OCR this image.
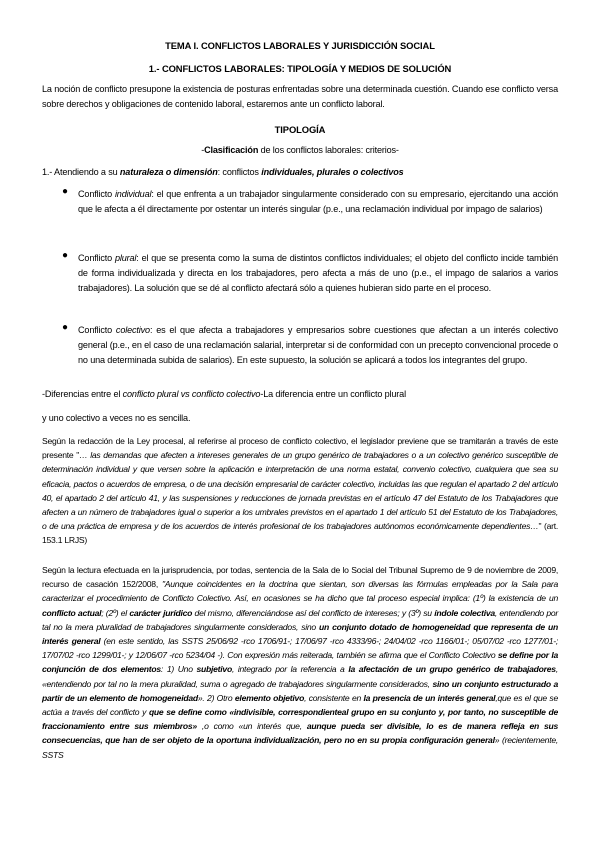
TEMA I. CONFLICTOS LABORALES Y JURISDICCIÓN SOCIAL
1.- CONFLICTOS LABORALES: TIPOLOGÍA Y MEDIOS DE SOLUCIÓN
La noción de conflicto presupone la existencia de posturas enfrentadas sobre una determinada cuestión. Cuando ese conflicto versa sobre derechos y obligaciones de contenido laboral, estaremos ante un conflicto laboral.
TIPOLOGÍA
-Clasificación de los conflictos laborales: criterios-
1.- Atendiendo a su naturaleza o dimensión: conflictos individuales, plurales o colectivos
● Conflicto individual: el que enfrenta a un trabajador singularmente considerado con su empresario, ejercitando una acción que le afecta a él directamente por ostentar un interés singular (p.e., una reclamación individual por impago de salarios)
● Conflicto plural: el que se presenta como la suma de distintos conflictos individuales; el objeto del conflicto incide también de forma individualizada y directa en los trabajadores, pero afecta a más de uno (p.e., el impago de salarios a varios trabajadores). La solución que se dé al conflicto afectará sólo a quienes hubieran sido parte en el proceso.
● Conflicto colectivo: es el que afecta a trabajadores y empresarios sobre cuestiones que afectan a un interés colectivo general (p.e., en el caso de una reclamación salarial, interpretar si de conformidad con un precepto convencional procede o no una determinada subida de salarios). En este supuesto, la solución se aplicará a todos los integrantes del grupo.
-Diferencias entre el conflicto plural vs conflicto colectivo-La diferencia entre un conflicto plural
y uno colectivo a veces no es sencilla.
Según la redacción de la Ley procesal, al referirse al proceso de conflicto colectivo, el legislador previene que se tramitarán a través de este presente "… las demandas que afecten a intereses generales de un grupo genérico de trabajadores o a un colectivo genérico susceptible de determinación individual y que versen sobre la aplicación e interpretación de una norma estatal, convenio colectivo, cualquiera que sea su eficacia, pactos o acuerdos de empresa, o de una decisión empresarial de carácter colectivo, incluidas las que regulan el apartado 2 del artículo 40, el apartado 2 del artículo 41, y las suspensiones y reducciones de jornada previstas en el artículo 47 del Estatuto de los Trabajadores que afecten a un número de trabajadores igual o superior a los umbrales previstos en el apartado 1 del artículo 51 del Estatuto de los Trabajadores, o de una práctica de empresa y de los acuerdos de interés profesional de los trabajadores autónomos económicamente dependientes…" (art. 153.1 LRJS)
Según la lectura efectuada en la jurisprudencia, por todas, sentencia de la Sala de lo Social del Tribunal Supremo de 9 de noviembre de 2009, recurso de casación 152/2008, "Aunque coincidentes en la doctrina que sientan, son diversas las fórmulas empleadas por la Sala para caracterizar el procedimiento de Conflicto Colectivo. Así, en ocasiones se ha dicho que tal proceso especial implica: (1º) la existencia de un conflicto actual; (2º) el carácter jurídico del mismo, diferenciándose así del conflicto de intereses; y (3º) su índole colectiva, entendiendo por tal no la mera pluralidad de trabajadores singularmente considerados, sino un conjunto dotado de homogeneidad que representa de un interés general (en este sentido, las SSTS 25/06/92 -rco 1706/91-; 17/06/97 -rco 4333/96-; 24/04/02 -rco 1166/01-; 05/07/02 -rco 1277/01-; 17/07/02 -rco 1299/01-; y 12/06/07 -rco 5234/04 -). Con expresión más reiterada, también se afirma que el Conflicto Colectivo se define por la conjunción de dos elementos: 1) Uno subjetivo, integrado por la referencia a la afectación de un grupo genérico de trabajadores, «entendiendo por tal no la mera pluralidad, suma o agregado de trabajadores singularmente considerados, sino un conjunto estructurado a partir de un elemento de homogeneidad». 2) Otro elemento objetivo, consistente en la presencia de un interés general,que es el que se actúa a través del conflicto y que se define como «indivisible, correspondienteal grupo en su conjunto y, por tanto, no susceptible de fraccionamiento entre sus miembros» ,o como «un interés que, aunque pueda ser divisible, lo es de manera refleja en sus consecuencias, que han de ser objeto de la oportuna individualización, pero no en su propia configuración general» (recientemente, SSTS
